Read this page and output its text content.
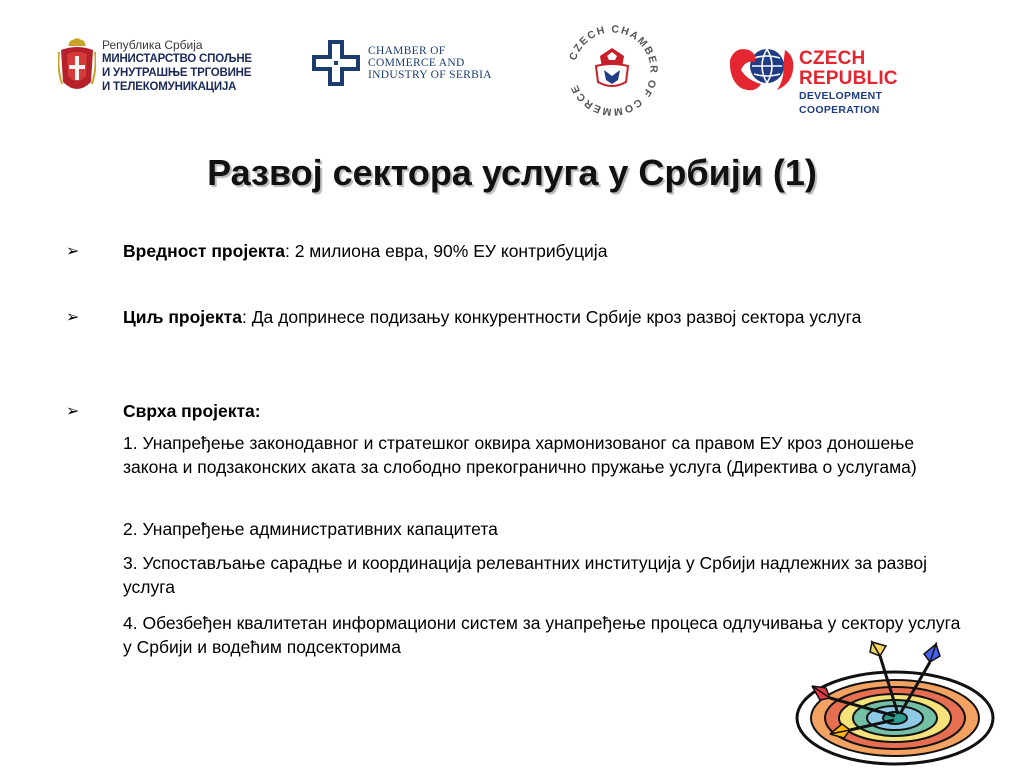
Република Србија
МИНИСТАРСТВО СПОЉНЕ
И УНУТРАШЊЕ ТРГОВИНЕ
И ТЕЛЕКОМУНИКАЦИЈА
CHAMBER OF
COMMERCE AND
INDUSTRY OF SERBIA
CZECH CHAMBER OF COMMERCE
CZECH REPUBLIC
DEVELOPMENT COOPERATION
Развој сектора услуга у Србији (1)
➢ Вредност пројекта: 2 милиона евра, 90% ЕУ контрибуција
➢ Циљ пројекта: Да допринесе подизању конкурентности Србије кроз развој сектора услуга
➢ Сврха пројекта:
1. Унапређење законодавног и стратешког оквира хармонизованог са правом ЕУ кроз доношење закона и подзаконских аката за слободно прекогранично пружање услуга (Директива о услугама)
2. Унапређење административних капацитета
3. Успостављање сарадње и координација релевантних институција у Србији надлежних за развој услуга
4. Обезбеђен квалитетан информациони систем за унапређење процеса одлучивања у сектору услуга у Србији и водећим подсекторима
